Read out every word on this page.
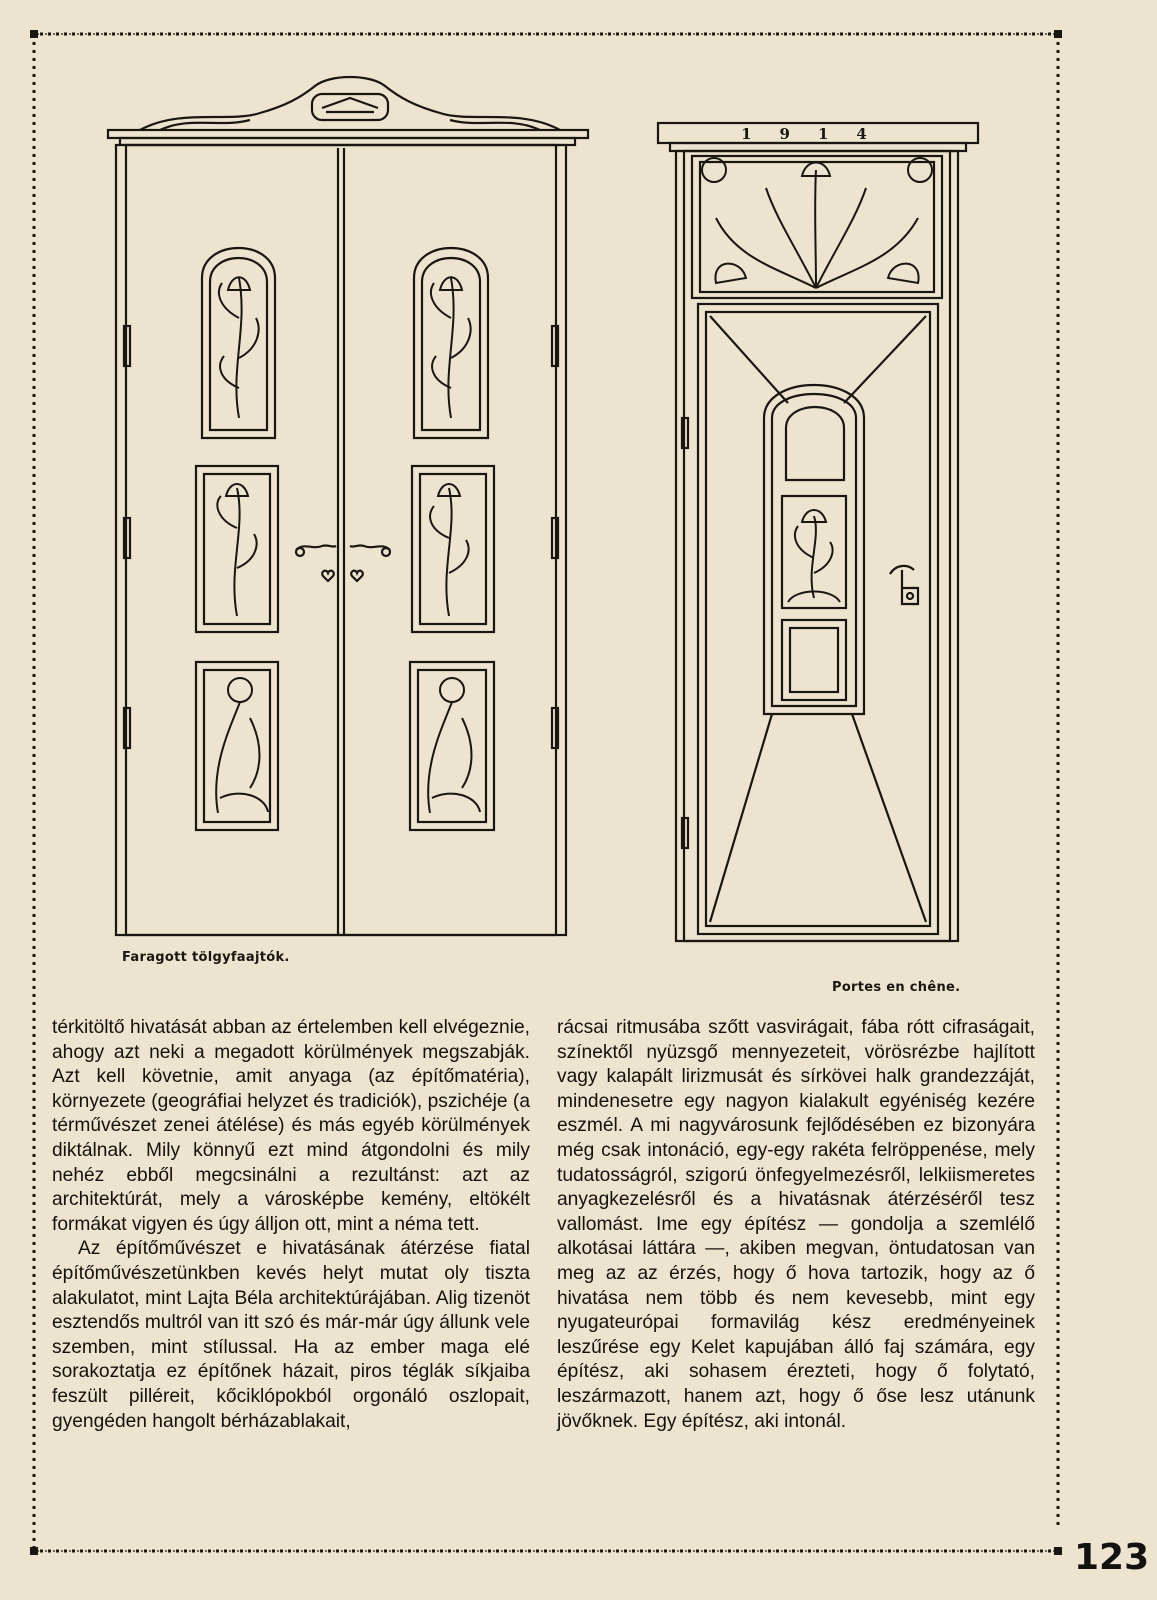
1914
Faragott tölgyfaajtók.
Portes en chêne.

térkitöltő hivatását abban az értelemben kell elvégeznie, ahogy azt neki a megadott körülmények megszabják. Azt kell követnie, amit anyaga (az építőmatéria), környezete (geográfiai helyzet és tradiciók), pszichéje (a térművészet zenei átélése) és más egyéb körülmények diktálnak. Mily könnyű ezt mind átgondolni és mily nehéz ebből megcsinálni a rezultánst: azt az architektúrát, mely a városképbe kemény, eltökélt formákat vigyen és úgy álljon ott, mint a néma tett.

Az építőművészet e hivatásának átérzése fiatal építőművészetünkben kevés helyt mutat oly tiszta alakulatot, mint Lajta Béla architektúrájában. Alig tizenöt esztendős multról van itt szó és már-már úgy állunk vele szemben, mint stílussal. Ha az ember maga elé sorakoztatja ez építőnek házait, piros téglák síkjaiba feszült pilléreit, kőciklópokból orgonáló oszlopait, gyengéden hangolt bérházablakait,

rácsai ritmusába szőtt vasvirágait, fába rótt cifraságait, színektől nyüzsgő mennyezeteit, vörösrézbe hajlított vagy kalapált lirizmusát és sírkövei halk grandezzáját, mindenesetre egy nagyon kialakult egyéniség kezére eszmél. A mi nagyvárosunk fejlődésében ez bizonyára még csak intonáció, egy-egy rakéta felröppenése, mely tudatosságról, szigorú önfegyelmezésről, lelkiismeretes anyagkezelésről és a hivatásnak átérzéséről tesz vallomást. Ime egy építész — gondolja a szemlélő alkotásai láttára —, akiben megvan, öntudatosan van meg az az érzés, hogy ő hova tartozik, hogy az ő hivatása nem több és nem kevesebb, mint egy nyugateurópai formavilág kész eredményeinek leszűrése egy Kelet kapujában álló faj számára, egy építész, aki sohasem érezteti, hogy ő folytató, leszármazott, hanem azt, hogy ő őse lesz utánunk jövőknek. Egy építész, aki intonál.

123
